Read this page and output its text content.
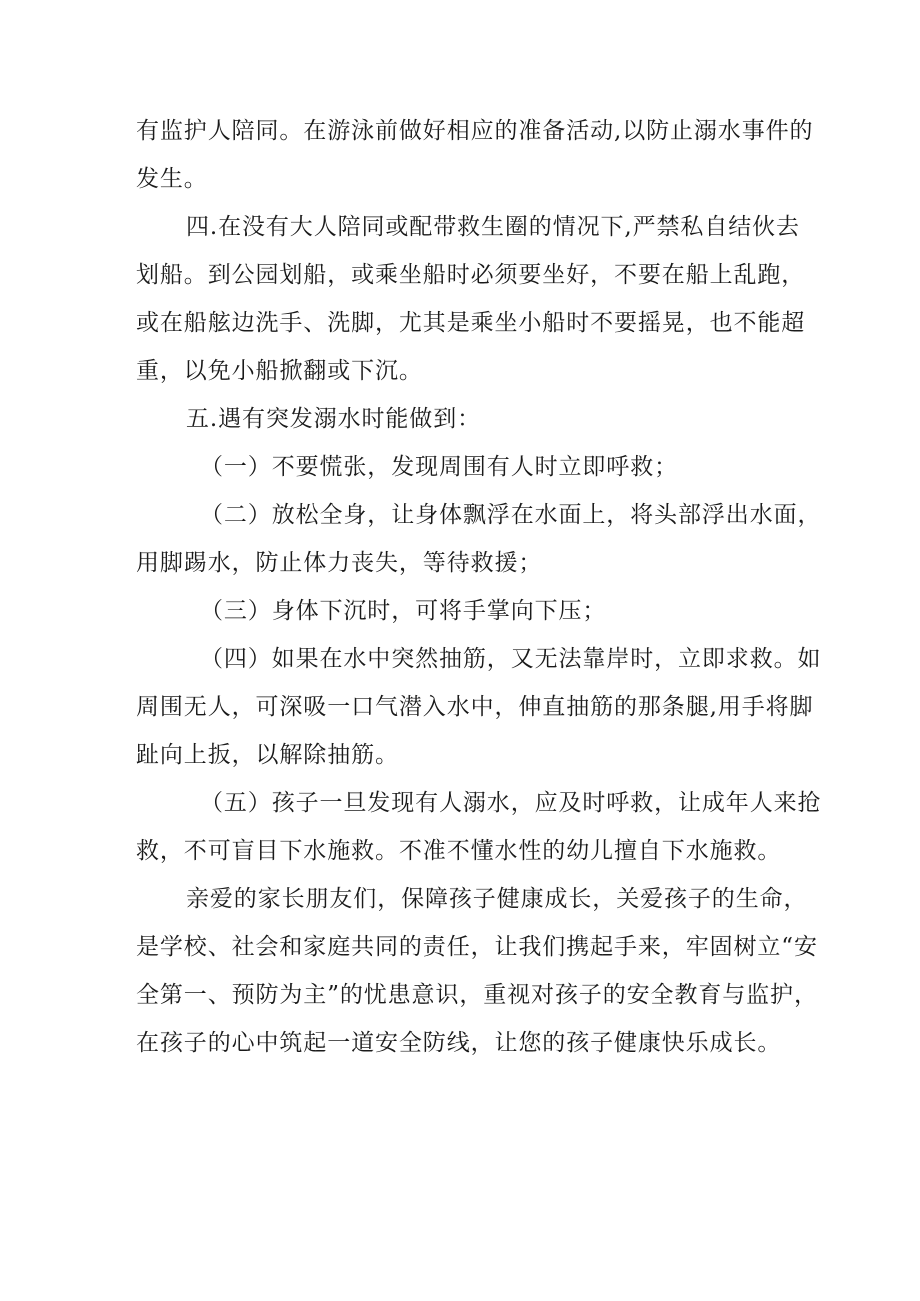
有监护人陪同。在游泳前做好相应的准备活动,以防止溺水事件的
发生。
四.在没有大人陪同或配带救生圈的情况下,严禁私自结伙去
划船。到公园划船，或乘坐船时必须要坐好，不要在船上乱跑，
或在船舷边洗手、洗脚，尤其是乘坐小船时不要摇晃，也不能超
重，以免小船掀翻或下沉。
五.遇有突发溺水时能做到：
（一）不要慌张，发现周围有人时立即呼救；
（二）放松全身，让身体飘浮在水面上，将头部浮出水面，
用脚踢水，防止体力丧失，等待救援；
（三）身体下沉时，可将手掌向下压；
（四）如果在水中突然抽筋，又无法靠岸时，立即求救。如
周围无人，可深吸一口气潜入水中，伸直抽筋的那条腿,用手将脚
趾向上扳，以解除抽筋。
（五）孩子一旦发现有人溺水，应及时呼救，让成年人来抢
救，不可盲目下水施救。不准不懂水性的幼儿擅自下水施救。
亲爱的家长朋友们，保障孩子健康成长，关爱孩子的生命，
是学校、社会和家庭共同的责任，让我们携起手来，牢固树立“安
全第一、预防为主”的忧患意识，重视对孩子的安全教育与监护，
在孩子的心中筑起一道安全防线，让您的孩子健康快乐成长。
